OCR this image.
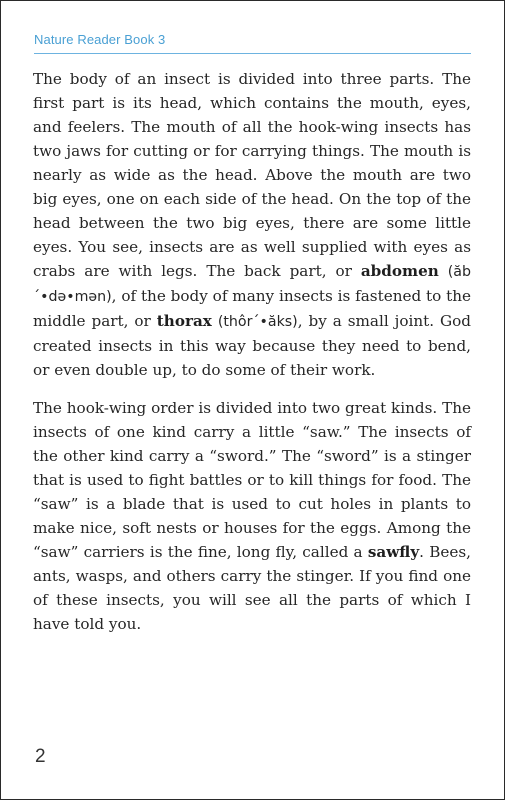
Nature Reader Book 3

The body of an insect is divided into three parts. The first part is its head, which contains the mouth, eyes, and feelers. The mouth of all the hook-wing insects has two jaws for cutting or for carrying things. The mouth is nearly as wide as the head. Above the mouth are two big eyes, one on each side of the head. On the top of the head between the two big eyes, there are some little eyes. You see, insects are as well supplied with eyes as crabs are with legs. The back part, or abdomen (ăb´•dә•mәn), of the body of many insects is fastened to the middle part, or thorax (thôr´•ăks), by a small joint. God created insects in this way because they need to bend, or even double up, to do some of their work.

The hook-wing order is divided into two great kinds. The insects of one kind carry a little “saw.” The insects of the other kind carry a “sword.” The “sword” is a stinger that is used to fight battles or to kill things for food. The “saw” is a blade that is used to cut holes in plants to make nice, soft nests or houses for the eggs. Among the “saw” carriers is the fine, long fly, called a sawfly. Bees, ants, wasps, and others carry the stinger. If you find one of these insects, you will see all the parts of which I have told you.

2
